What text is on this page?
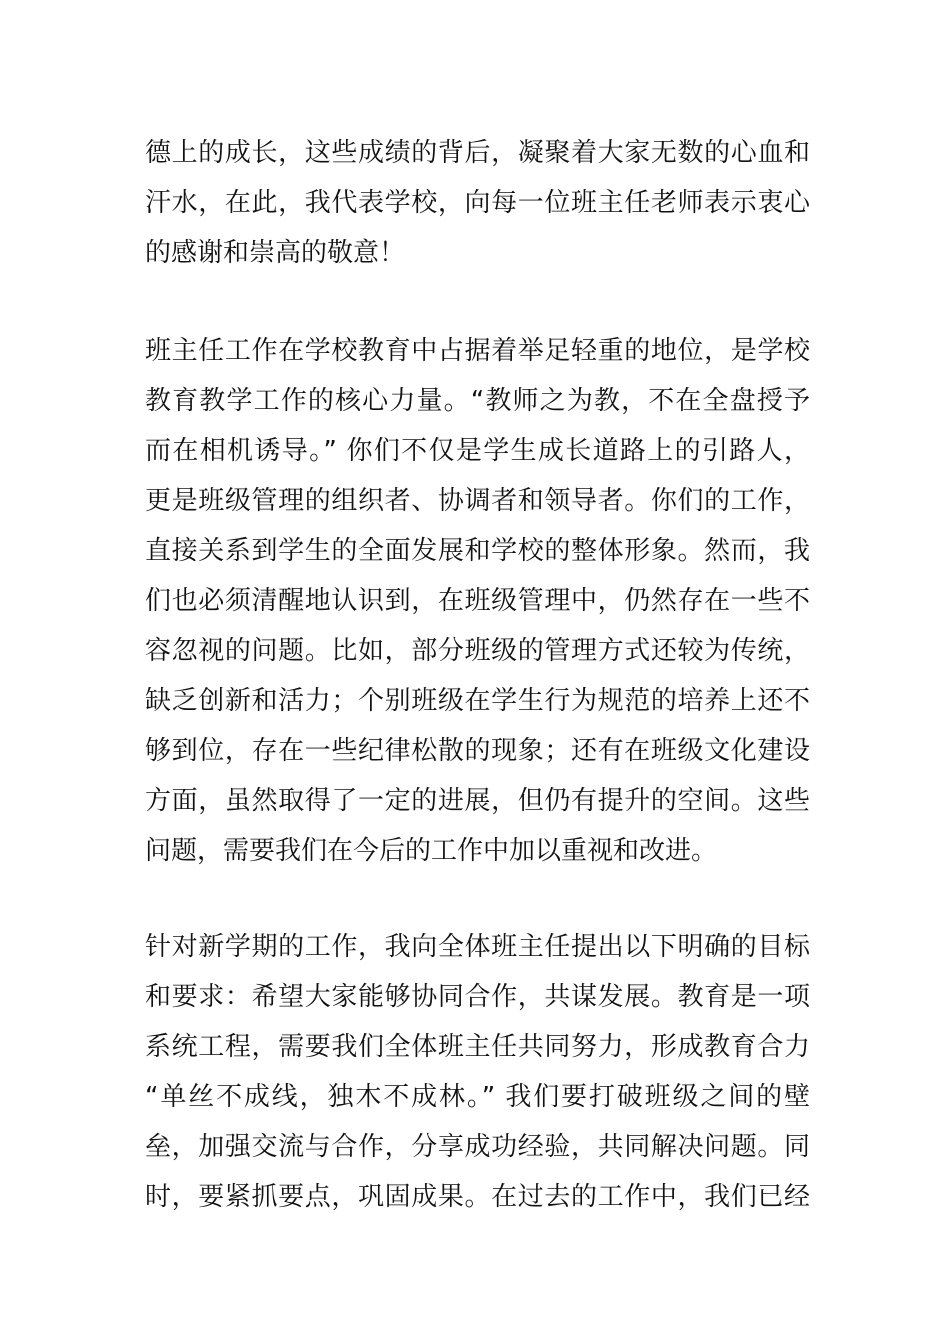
德上的成长，这些成绩的背后，凝聚着大家无数的心血和
汗水，在此，我代表学校，向每一位班主任老师表示衷心
的感谢和崇高的敬意！
班主任工作在学校教育中占据着举足轻重的地位，是学校
教育教学工作的核心力量。“教师之为教，不在全盘授予
而在相机诱导。” 你们不仅是学生成长道路上的引路人，
更是班级管理的组织者、协调者和领导者。你们的工作，
直接关系到学生的全面发展和学校的整体形象。然而，我
们也必须清醒地认识到，在班级管理中，仍然存在一些不
容忽视的问题。比如，部分班级的管理方式还较为传统，
缺乏创新和活力；个别班级在学生行为规范的培养上还不
够到位，存在一些纪律松散的现象；还有在班级文化建设
方面，虽然取得了一定的进展，但仍有提升的空间。这些
问题，需要我们在今后的工作中加以重视和改进。
针对新学期的工作，我向全体班主任提出以下明确的目标
和要求：希望大家能够协同合作，共谋发展。教育是一项
系统工程，需要我们全体班主任共同努力，形成教育合力
“单丝不成线，独木不成林。” 我们要打破班级之间的壁
垒，加强交流与合作，分享成功经验，共同解决问题。同
时，要紧抓要点，巩固成果。在过去的工作中，我们已经
